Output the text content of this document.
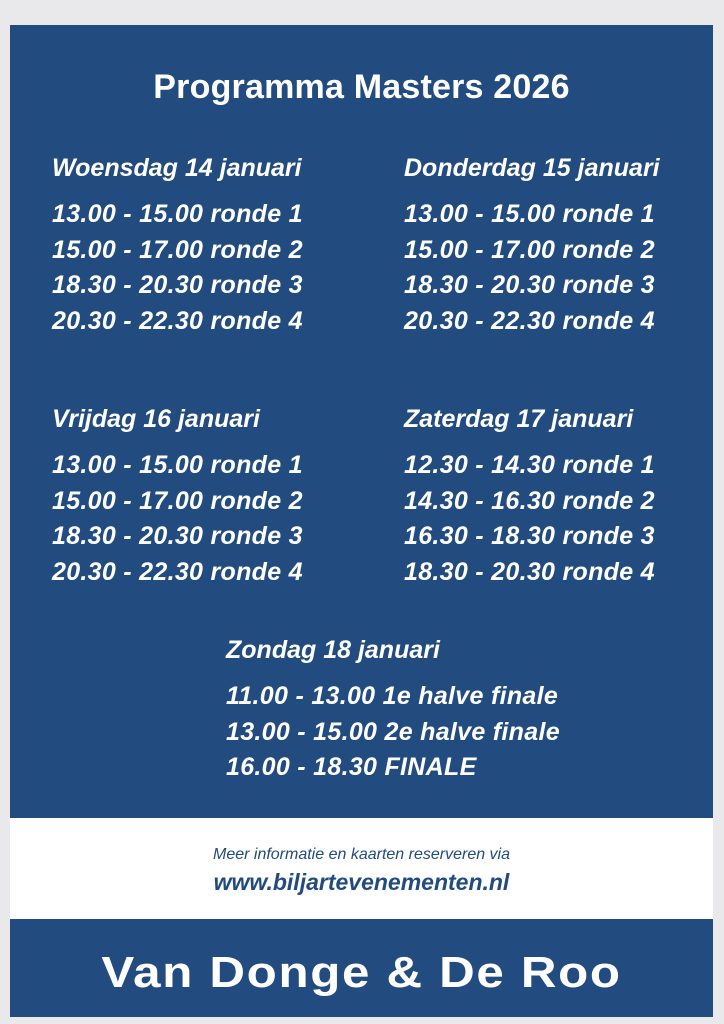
Programma Masters 2026
Woensdag 14 januari
13.00 - 15.00 ronde 1
15.00 - 17.00 ronde 2
18.30 - 20.30 ronde 3
20.30 - 22.30 ronde 4
Donderdag 15 januari
13.00 - 15.00 ronde 1
15.00 - 17.00 ronde 2
18.30 - 20.30 ronde 3
20.30 - 22.30 ronde 4
Vrijdag 16 januari
13.00 - 15.00 ronde 1
15.00 - 17.00 ronde 2
18.30 - 20.30 ronde 3
20.30 - 22.30 ronde 4
Zaterdag 17 januari
12.30 - 14.30 ronde 1
14.30 - 16.30 ronde 2
16.30 - 18.30 ronde 3
18.30 - 20.30 ronde 4
Zondag 18 januari
11.00 - 13.00 1e halve finale
13.00 - 15.00 2e halve finale
16.00 - 18.30 FINALE
Meer informatie en kaarten reserveren via
www.biljartevenementen.nl
Van Donge & De Roo
